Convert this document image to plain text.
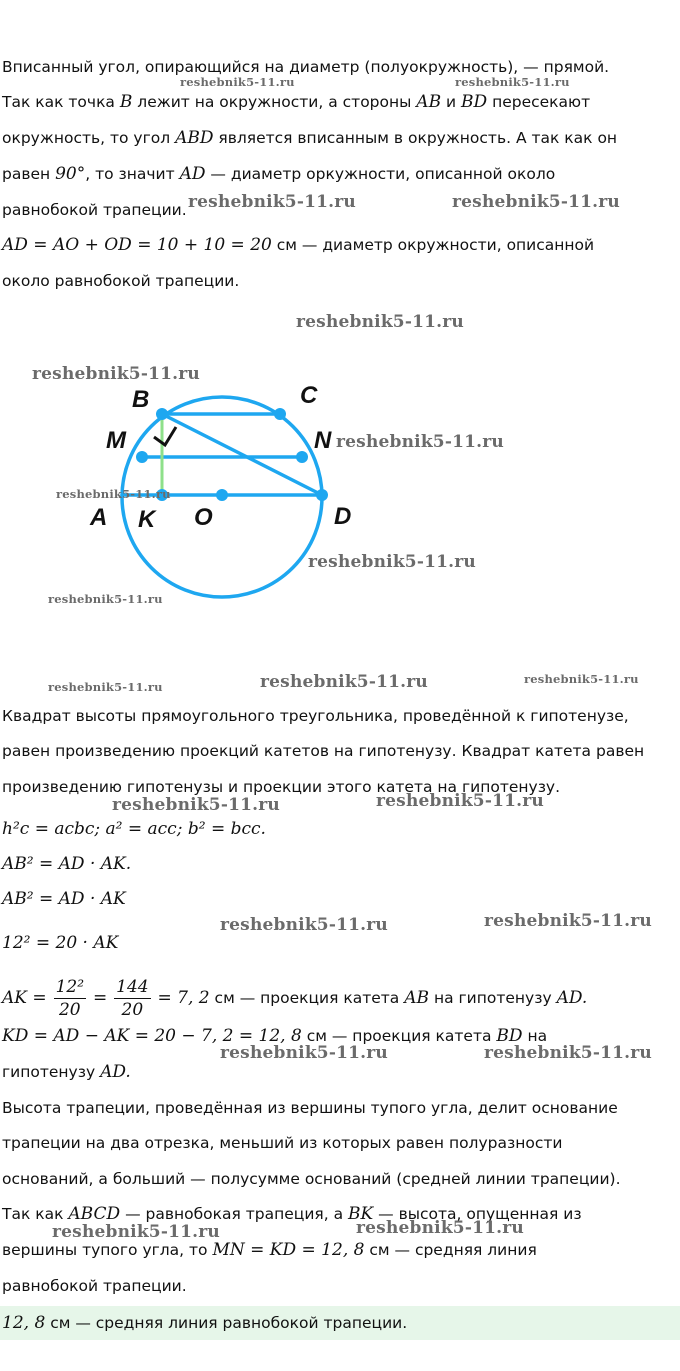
Вписанный угол, опирающийся на диаметр (полуокружность), — прямой.
Так как точка B лежит на окружности, а стороны AB и BD пересекают
окружность, то угол ABD является вписанным в окружность. А так как он
равен 90°, то значит AD — диаметр оркужности, описанной около
равнобокой трапеции.
AD = AO + OD = 10 + 10 = 20 см — диаметр окружности, описанной
около равнобокой трапеции.
B	C
M	N
A K O	D
Квадрат высоты прямоугольного треугольника, проведённой к гипотенузе,
равен произведению проекций катетов на гипотенузу. Квадрат катета равен
произведению гипотенузы и проекции этого катета на гипотенузу.
h²c = acbc; a² = acc; b² = bcc.
AB² = AD · AK.
AB² = AD · AK
12² = 20 · AK
AK = $\frac{\text{12²}}{20} = \frac{144}{20} = 7$, 2 см — проекция катета AB на гипотенузу AD.
KD = AD − AK = 20 − 7, 2 = 12, 8 см — проекция катета BD на
гипотенузу AD.
Высота трапеции, проведённая из вершины тупого угла, делит основание
трапеции на два отрезка, меньший из которых равен полуразности
оснований, а больший — полусумме оснований (средней линии трапеции).
Так как ABCD — равнобокая трапеция, а BK — высота, опущенная из
вершины тупого угла, то MN = KD = 12, 8 см — средняя линия
равнобокой трапеции.
12, 8 см — средняя линия равнобокой трапеции.
reshebnik5-11.ru	reshebnik5-11.ru
reshebnik5-11.ru	reshebnik5-11.ru
reshebnik5-11.ru
reshebnik5-11.ru
reshebnik5-11.ru
reshebnik5-11.ru
reshebnik5-11.ru
reshebnik5-11.ru
reshebnik5-11.ru	reshebnik5-11.ru	reshebnik5-11.ru
reshebnik5-11.ru	reshebnik5-11.ru
reshebnik5-11.ru	reshebnik5-11.ru
reshebnik5-11.ru	reshebnik5-11.ru
reshebnik5-11.ru	reshebnik5-11.ru
